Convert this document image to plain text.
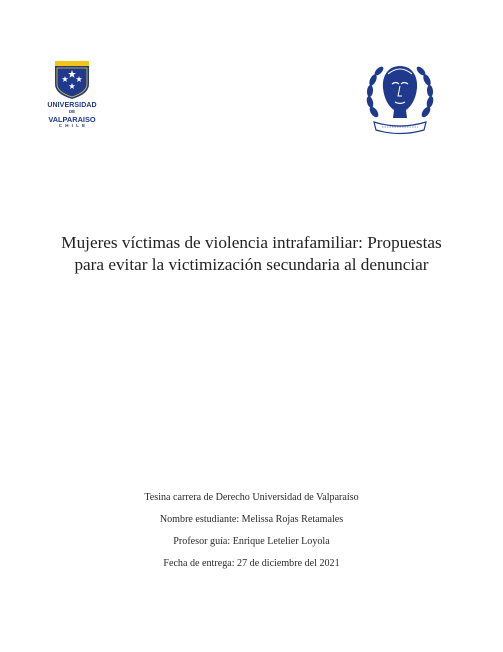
UNIVERSIDAD
DE
VALPARAISO
CHILE
Mujeres víctimas de violencia intrafamiliar: Propuestas
para evitar la victimización secundaria al denunciar
Tesina carrera de Derecho Universidad de Valparaíso
Nombre estudiante: Melissa Rojas Retamales
Profesor guía: Enrique Letelier Loyola
Fecha de entrega: 27 de diciembre del 2021
